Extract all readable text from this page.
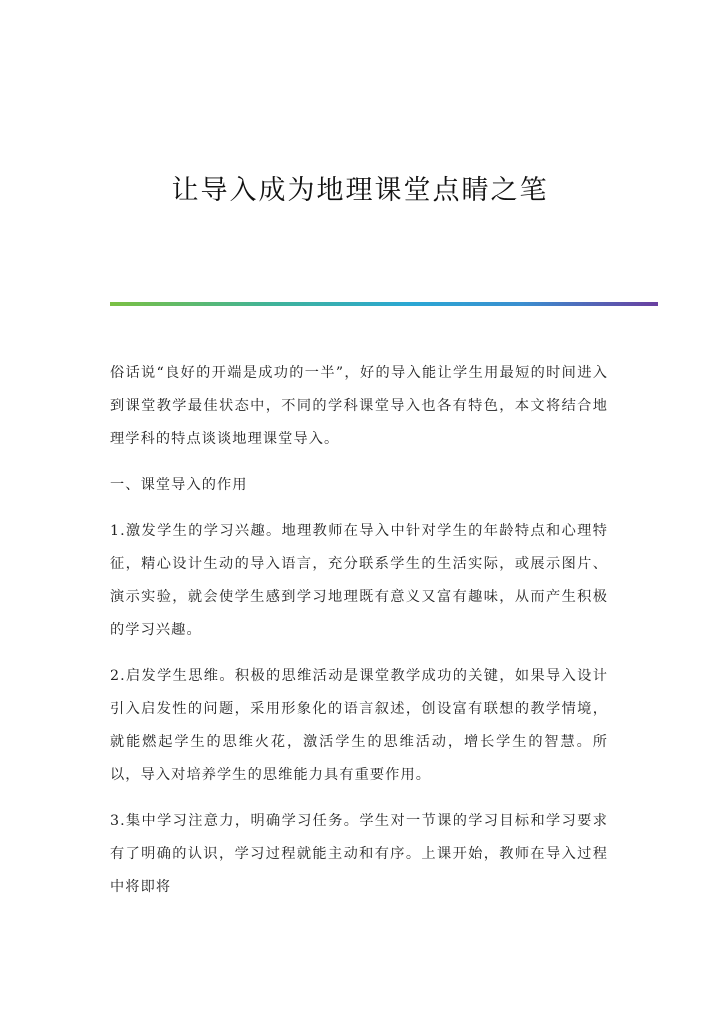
让导入成为地理课堂点睛之笔

俗话说“良好的开端是成功的一半”，好的导入能让学生用最短的时间进入到课堂教学最佳状态中，不同的学科课堂导入也各有特色，本文将结合地理学科的特点谈谈地理课堂导入。

一、课堂导入的作用

1.激发学生的学习兴趣。地理教师在导入中针对学生的年龄特点和心理特征，精心设计生动的导入语言，充分联系学生的生活实际，或展示图片、演示实验，就会使学生感到学习地理既有意义又富有趣味，从而产生积极的学习兴趣。

2.启发学生思维。积极的思维活动是课堂教学成功的关键，如果导入设计引入启发性的问题，采用形象化的语言叙述，创设富有联想的教学情境，就能燃起学生的思维火花，激活学生的思维活动，增长学生的智慧。所以，导入对培养学生的思维能力具有重要作用。

3.集中学习注意力，明确学习任务。学生对一节课的学习目标和学习要求有了明确的认识，学习过程就能主动和有序。上课开始，教师在导入过程中将即将
